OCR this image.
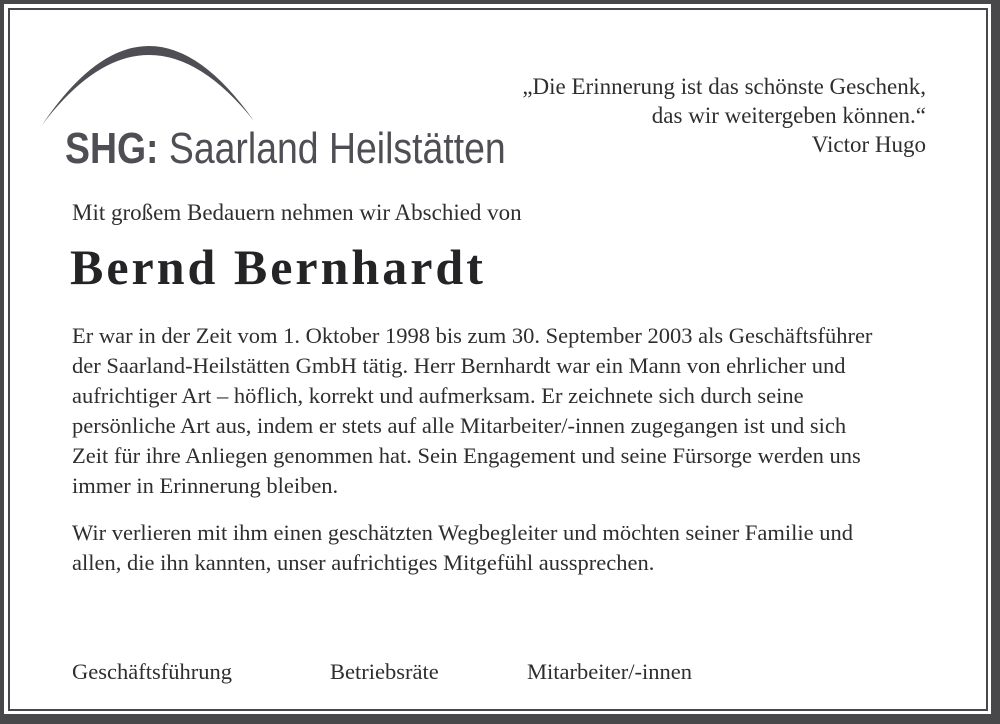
SHG: Saarland Heilstätten
„Die Erinnerung ist das schönste Geschenk,
das wir weitergeben können.“
Victor Hugo
Mit großem Bedauern nehmen wir Abschied von
Bernd Bernhardt
Er war in der Zeit vom 1. Oktober 1998 bis zum 30. September 2003 als Geschäftsführer
der Saarland-Heilstätten GmbH tätig. Herr Bernhardt war ein Mann von ehrlicher und
aufrichtiger Art – höflich, korrekt und aufmerksam. Er zeichnete sich durch seine
persönliche Art aus, indem er stets auf alle Mitarbeiter/-innen zugegangen ist und sich
Zeit für ihre Anliegen genommen hat. Sein Engagement und seine Fürsorge werden uns
immer in Erinnerung bleiben.
Wir verlieren mit ihm einen geschätzten Wegbegleiter und möchten seiner Familie und
allen, die ihn kannten, unser aufrichtiges Mitgefühl aussprechen.
Geschäftsführung	Betriebsräte	Mitarbeiter/-innen
